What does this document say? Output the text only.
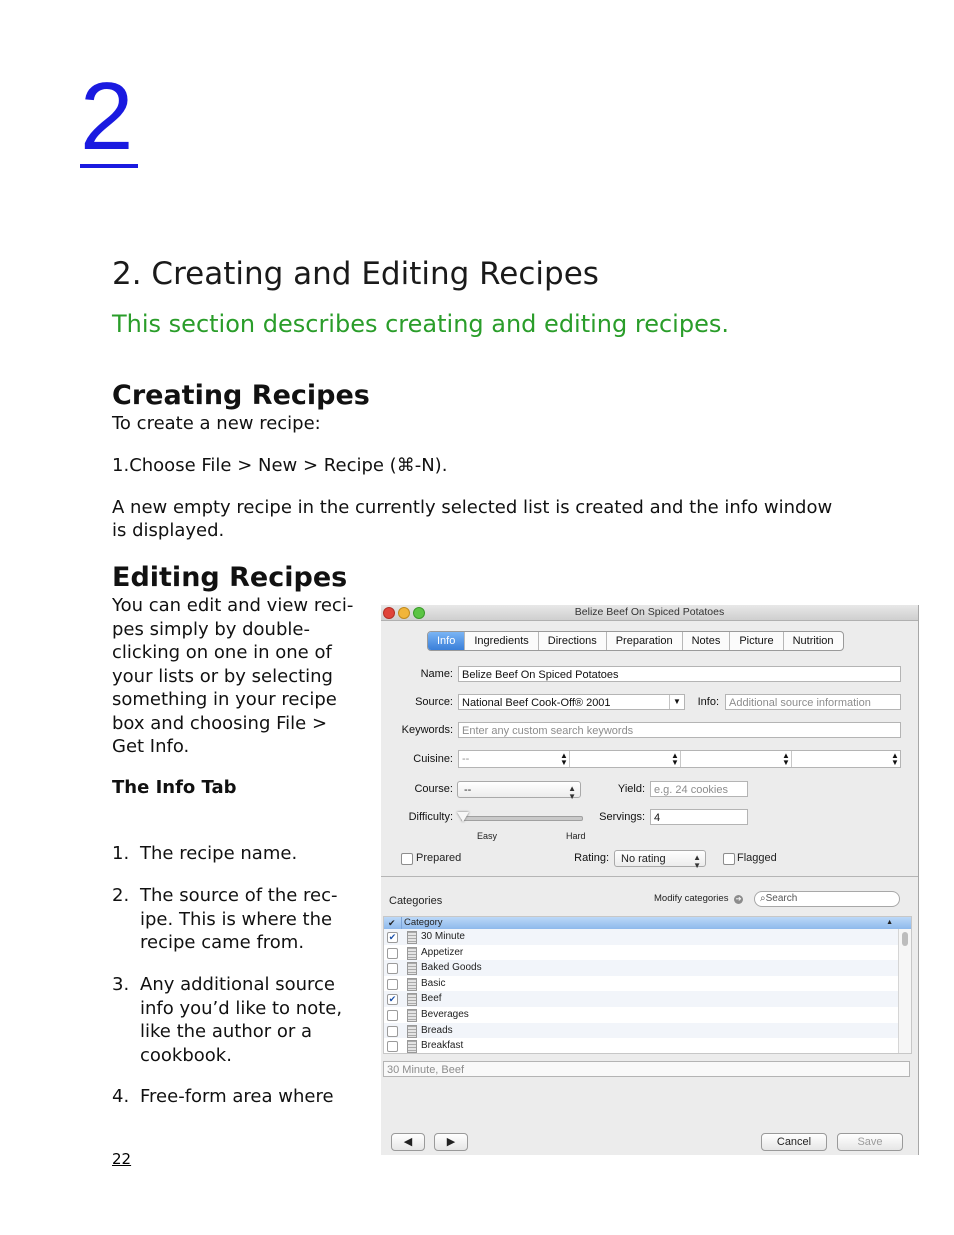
2
2. Creating and Editing Recipes
This section describes creating and editing recipes.
Creating Recipes
To create a new recipe:
1.Choose File > New > Recipe (⌘-N).
A new empty recipe in the currently selected list is created and the info window
is displayed.
Editing Recipes
You can edit and view reci-
pes simply by double-
clicking on one in one of
your lists or by selecting
something in your recipe
box and choosing File >
Get Info.
The Info Tab
1. The recipe name.
2. The source of the rec-
ipe. This is where the
recipe came from.
3. Any additional source
info you’d like to note,
like the author or a
cookbook.
4. Free-form area where
22
Belize Beef On Spiced Potatoes
Info	Ingredients	Directions	Preparation	Notes	Picture	Nutrition
Name: Belize Beef On Spiced Potatoes
Source: National Beef Cook-Off® 2001	▼	Info: Additional source information
Keywords: Enter any custom search keywords
Cuisine: --	▲
▼
▲
▼
▲
▼
▲
▼
Course:	--	▲
▼
Yield: e.g. 24 cookies
Difficulty:
Easy	Hard
Servings: 4
Prepared	Rating:	No rating	▲
▼
Flagged
Categories	Modify categories ➔	⌕Search
✔ Category	▲
✔ 30 Minute
Appetizer
Baked Goods
Basic
✔ Beef
Beverages
Breads
Breakfast
30 Minute, Beef
◀	▶	Cancel	Save
